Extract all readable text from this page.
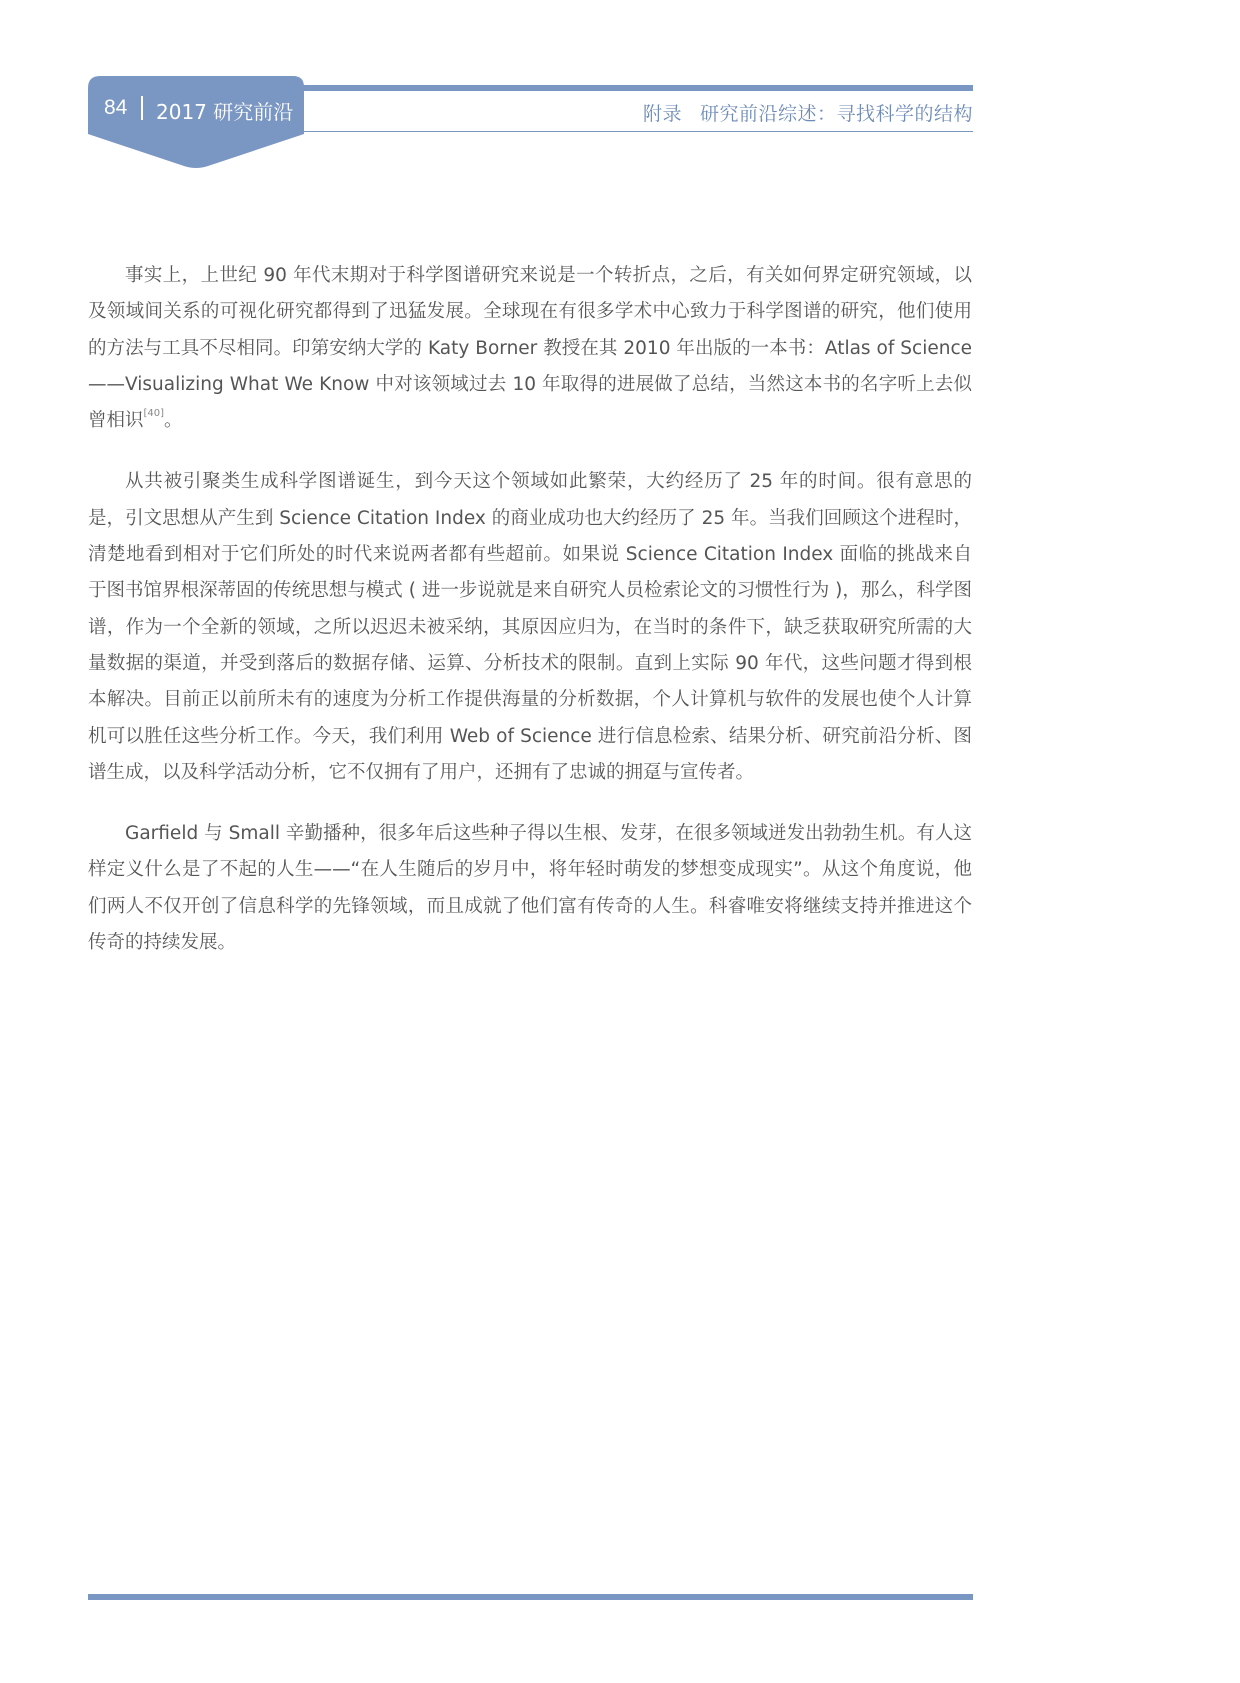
84 2017 研究前沿	附录 研究前沿综述：寻找科学的结构

事实上，上世纪 90 年代末期对于科学图谱研究来说是一个转折点，之后，有关如何界定研究领域，以及领域间关系的可视化研究都得到了迅猛发展。全球现在有很多学术中心致力于科学图谱的研究，他们使用的方法与工具不尽相同。印第安纳大学的 Katy Borner 教授在其 2010 年出版的一本书：Atlas of Science ——Visualizing What We Know 中对该领域过去 10 年取得的进展做了总结，当然这本书的名字听上去似曾相识[40]。

从共被引聚类生成科学图谱诞生，到今天这个领域如此繁荣，大约经历了 25 年的时间。很有意思的是，引文思想从产生到 Science Citation Index 的商业成功也大约经历了 25 年。当我们回顾这个进程时，清楚地看到相对于它们所处的时代来说两者都有些超前。如果说 Science Citation Index 面临的挑战来自于图书馆界根深蒂固的传统思想与模式 ( 进一步说就是来自研究人员检索论文的习惯性行为 )，那么，科学图谱，作为一个全新的领域，之所以迟迟未被采纳，其原因应归为，在当时的条件下，缺乏获取研究所需的大量数据的渠道，并受到落后的数据存储、运算、分析技术的限制。直到上实际 90 年代，这些问题才得到根本解决。目前正以前所未有的速度为分析工作提供海量的分析数据，个人计算机与软件的发展也使个人计算机可以胜任这些分析工作。今天，我们利用 Web of Science 进行信息检索、结果分析、研究前沿分析、图谱生成，以及科学活动分析，它不仅拥有了用户，还拥有了忠诚的拥趸与宣传者。

Garfield 与 Small 辛勤播种，很多年后这些种子得以生根、发芽，在很多领域迸发出勃勃生机。有人这样定义什么是了不起的人生——“在人生随后的岁月中，将年轻时萌发的梦想变成现实”。从这个角度说，他们两人不仅开创了信息科学的先锋领域，而且成就了他们富有传奇的人生。科睿唯安将继续支持并推进这个传奇的持续发展。
